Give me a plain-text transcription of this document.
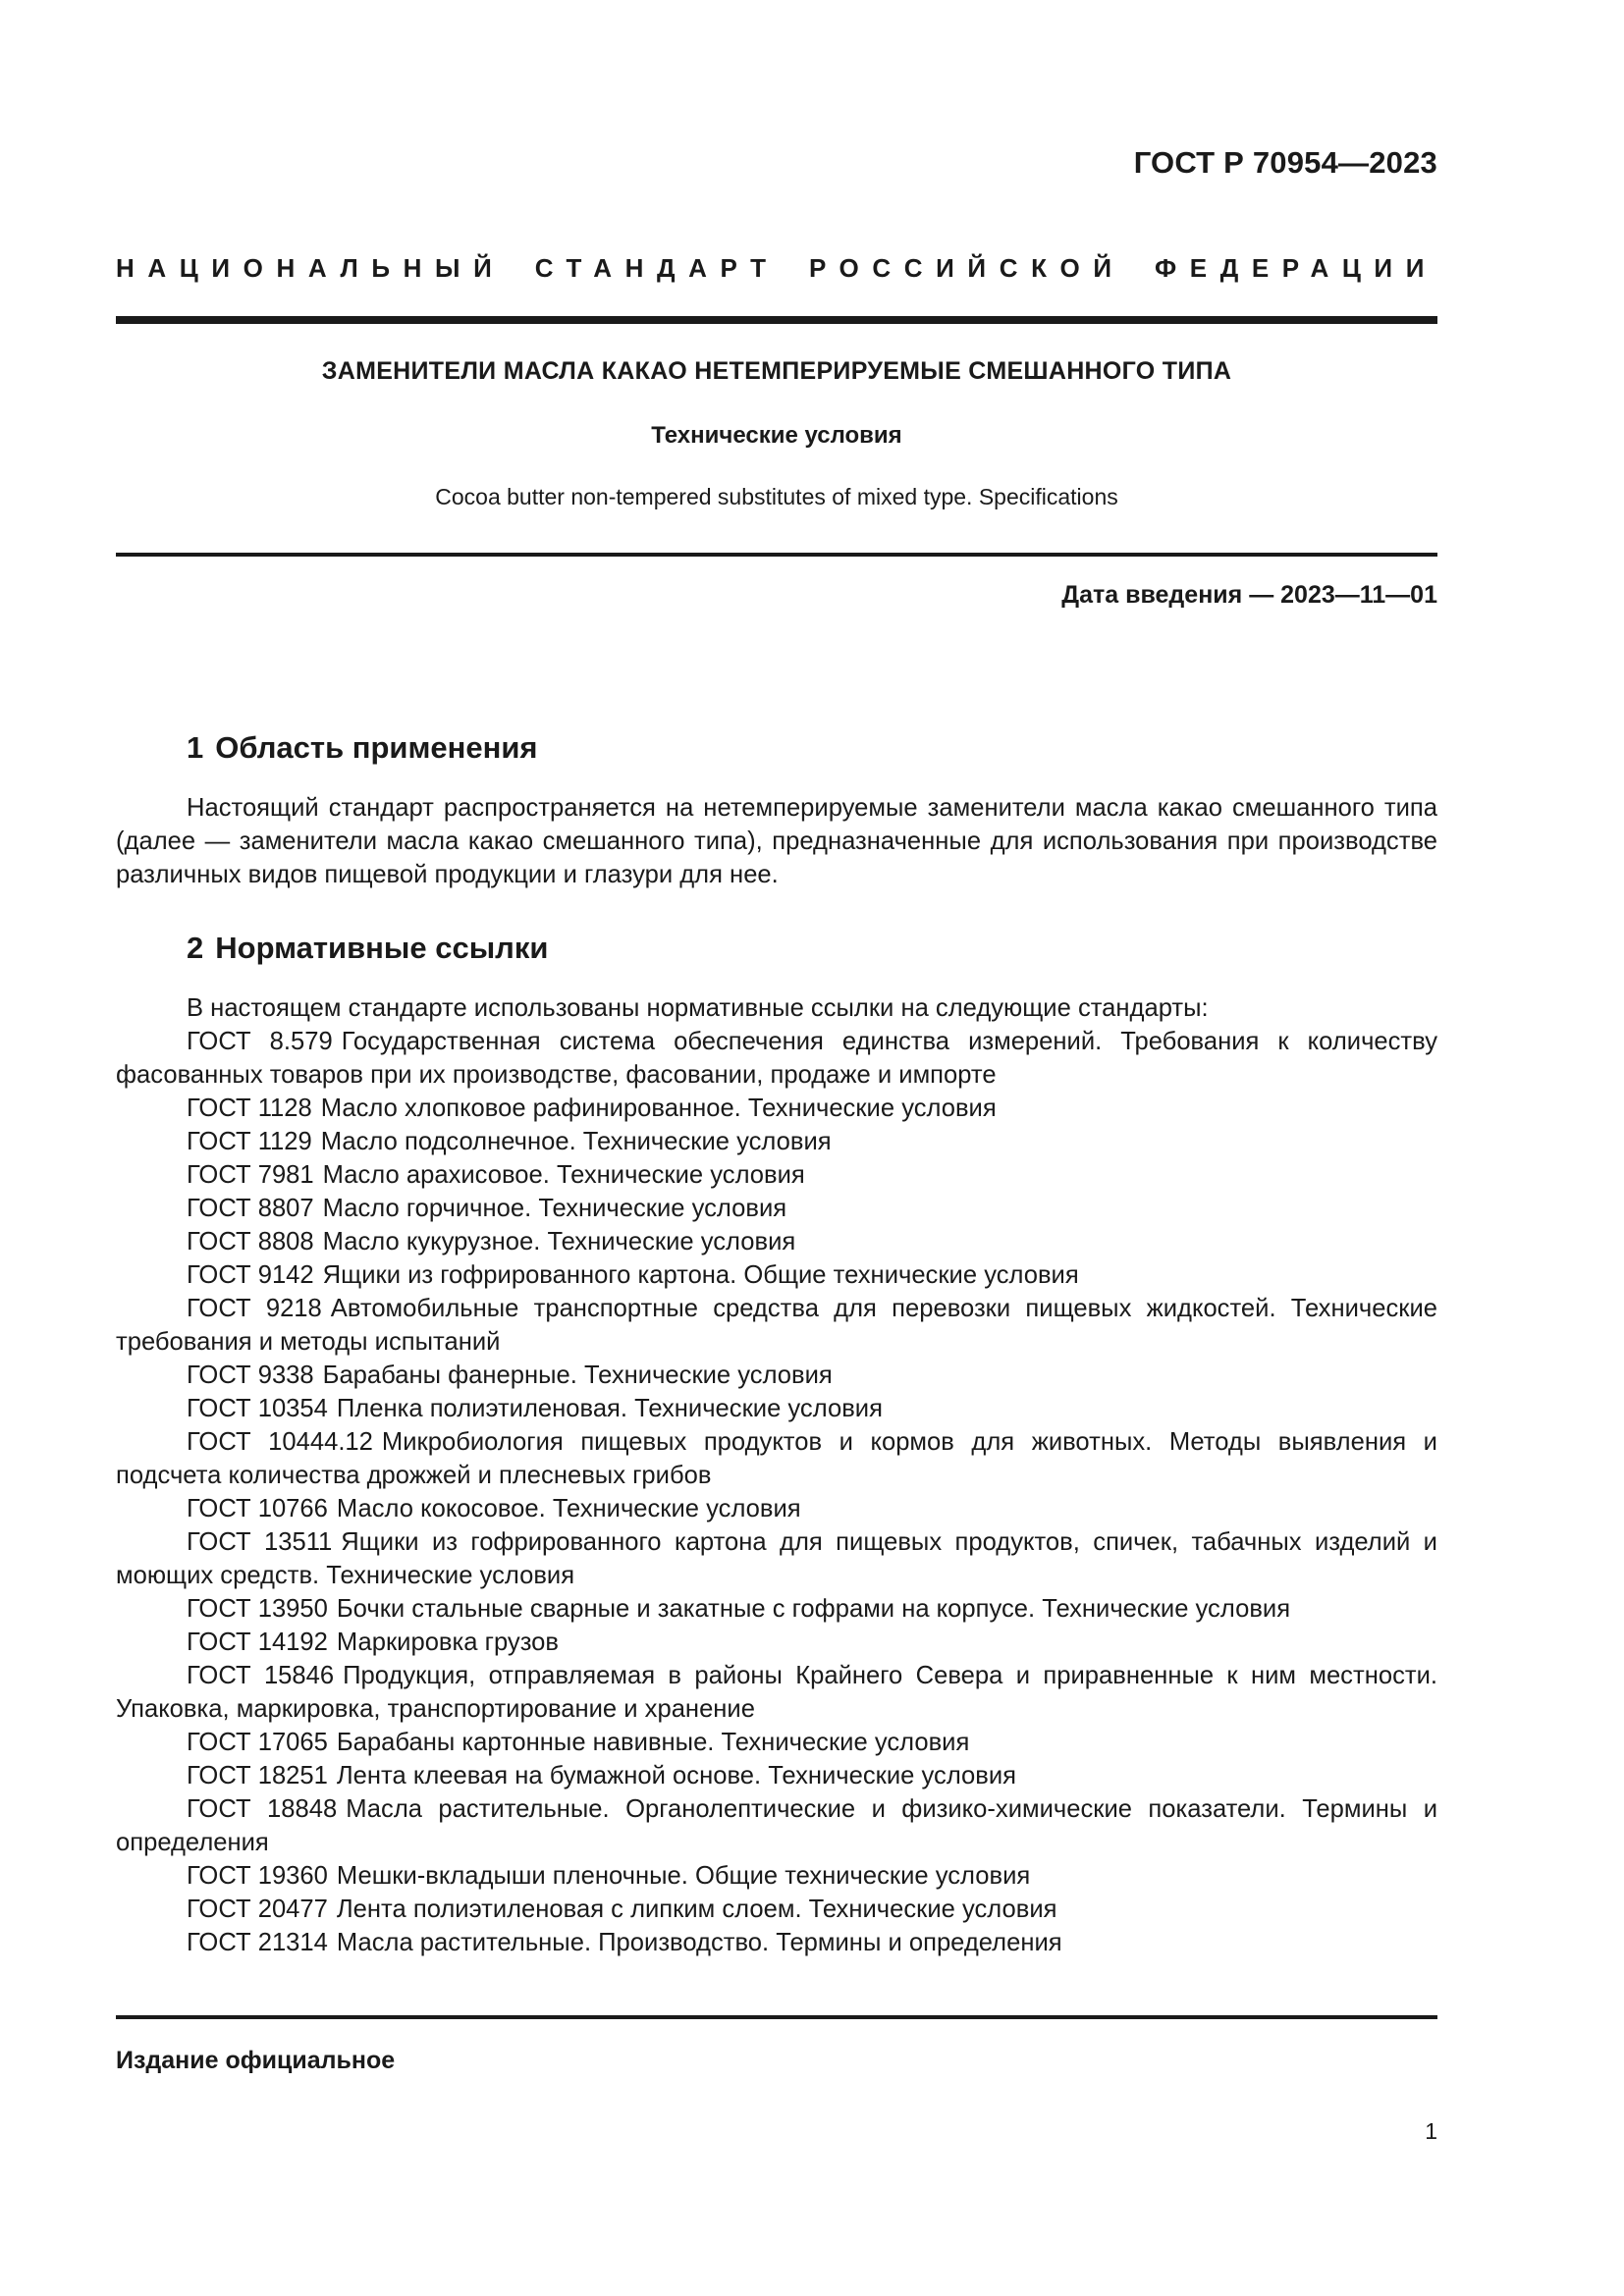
ГОСТ Р 70954—2023
НАЦИОНАЛЬНЫЙ СТАНДАРТ РОССИЙСКОЙ ФЕДЕРАЦИИ
ЗАМЕНИТЕЛИ МАСЛА КАКАО НЕТЕМПЕРИРУЕМЫЕ СМЕШАННОГО ТИПА
Технические условия
Cocoa butter non-tempered substitutes of mixed type. Specifications
Дата введения — 2023—11—01
1 Область применения

Настоящий стандарт распространяется на нетемперируемые заменители масла какао смешанного типа (далее — заменители масла какао смешанного типа), предназначенные для использования при производстве различных видов пищевой продукции и глазури для нее.

2 Нормативные ссылки

В настоящем стандарте использованы нормативные ссылки на следующие стандарты:

ГОСТ 8.579 Государственная система обеспечения единства измерений. Требования к количеству фасованных товаров при их производстве, фасовании, продаже и импорте

ГОСТ 1128 Масло хлопковое рафинированное. Технические условия

ГОСТ 1129 Масло подсолнечное. Технические условия

ГОСТ 7981 Масло арахисовое. Технические условия

ГОСТ 8807 Масло горчичное. Технические условия

ГОСТ 8808 Масло кукурузное. Технические условия

ГОСТ 9142 Ящики из гофрированного картона. Общие технические условия

ГОСТ 9218 Автомобильные транспортные средства для перевозки пищевых жидкостей. Технические требования и методы испытаний

ГОСТ 9338 Барабаны фанерные. Технические условия

ГОСТ 10354 Пленка полиэтиленовая. Технические условия

ГОСТ 10444.12 Микробиология пищевых продуктов и кормов для животных. Методы выявления и подсчета количества дрожжей и плесневых грибов

ГОСТ 10766 Масло кокосовое. Технические условия

ГОСТ 13511 Ящики из гофрированного картона для пищевых продуктов, спичек, табачных изделий и моющих средств. Технические условия

ГОСТ 13950 Бочки стальные сварные и закатные с гофрами на корпусе. Технические условия

ГОСТ 14192 Маркировка грузов

ГОСТ 15846 Продукция, отправляемая в районы Крайнего Севера и приравненные к ним местности. Упаковка, маркировка, транспортирование и хранение

ГОСТ 17065 Барабаны картонные навивные. Технические условия

ГОСТ 18251 Лента клеевая на бумажной основе. Технические условия

ГОСТ 18848 Масла растительные. Органолептические и физико-химические показатели. Термины и определения

ГОСТ 19360 Мешки-вкладыши пленочные. Общие технические условия

ГОСТ 20477 Лента полиэтиленовая с липким слоем. Технические условия

ГОСТ 21314 Масла растительные. Производство. Термины и определения

Издание официальное
1
